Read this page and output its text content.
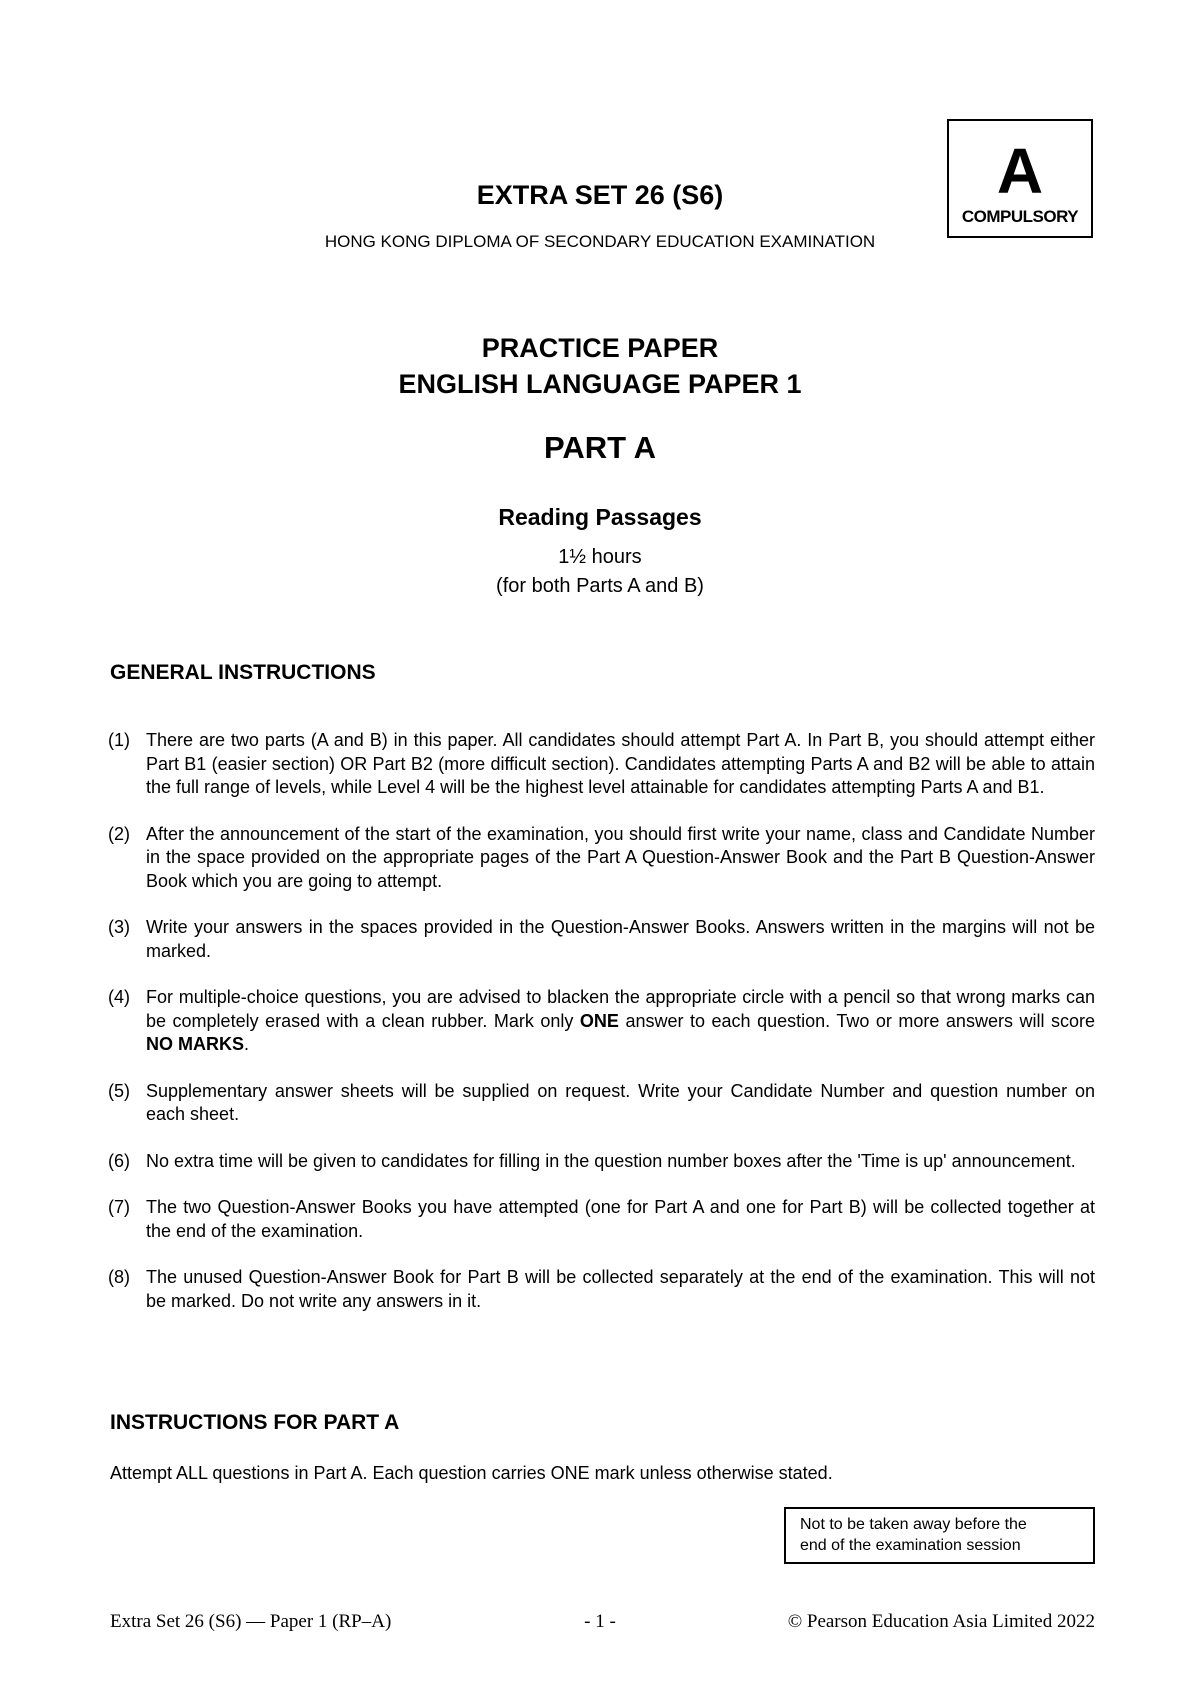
A
COMPULSORY
EXTRA SET 26 (S6)
HONG KONG DIPLOMA OF SECONDARY EDUCATION EXAMINATION
PRACTICE PAPER
ENGLISH LANGUAGE PAPER 1
PART A
Reading Passages
1½ hours
(for both Parts A and B)
GENERAL INSTRUCTIONS
(1) There are two parts (A and B) in this paper. All candidates should attempt Part A. In Part B, you should attempt either Part B1 (easier section) OR Part B2 (more difficult section). Candidates attempting Parts A and B2 will be able to attain the full range of levels, while Level 4 will be the highest level attainable for candidates attempting Parts A and B1.
(2) After the announcement of the start of the examination, you should first write your name, class and Candidate Number in the space provided on the appropriate pages of the Part A Question-Answer Book and the Part B Question-Answer Book which you are going to attempt.
(3) Write your answers in the spaces provided in the Question-Answer Books. Answers written in the margins will not be marked.
(4) For multiple-choice questions, you are advised to blacken the appropriate circle with a pencil so that wrong marks can be completely erased with a clean rubber. Mark only ONE answer to each question. Two or more answers will score NO MARKS.
(5) Supplementary answer sheets will be supplied on request. Write your Candidate Number and question number on each sheet.
(6) No extra time will be given to candidates for filling in the question number boxes after the 'Time is up' announcement.
(7) The two Question-Answer Books you have attempted (one for Part A and one for Part B) will be collected together at the end of the examination.
(8) The unused Question-Answer Book for Part B will be collected separately at the end of the examination. This will not be marked. Do not write any answers in it.
INSTRUCTIONS FOR PART A
Attempt ALL questions in Part A. Each question carries ONE mark unless otherwise stated.
Not to be taken away before the
end of the examination session
- 1 -
Extra Set 26 (S6) — Paper 1 (RP–A)	© Pearson Education Asia Limited 2022
